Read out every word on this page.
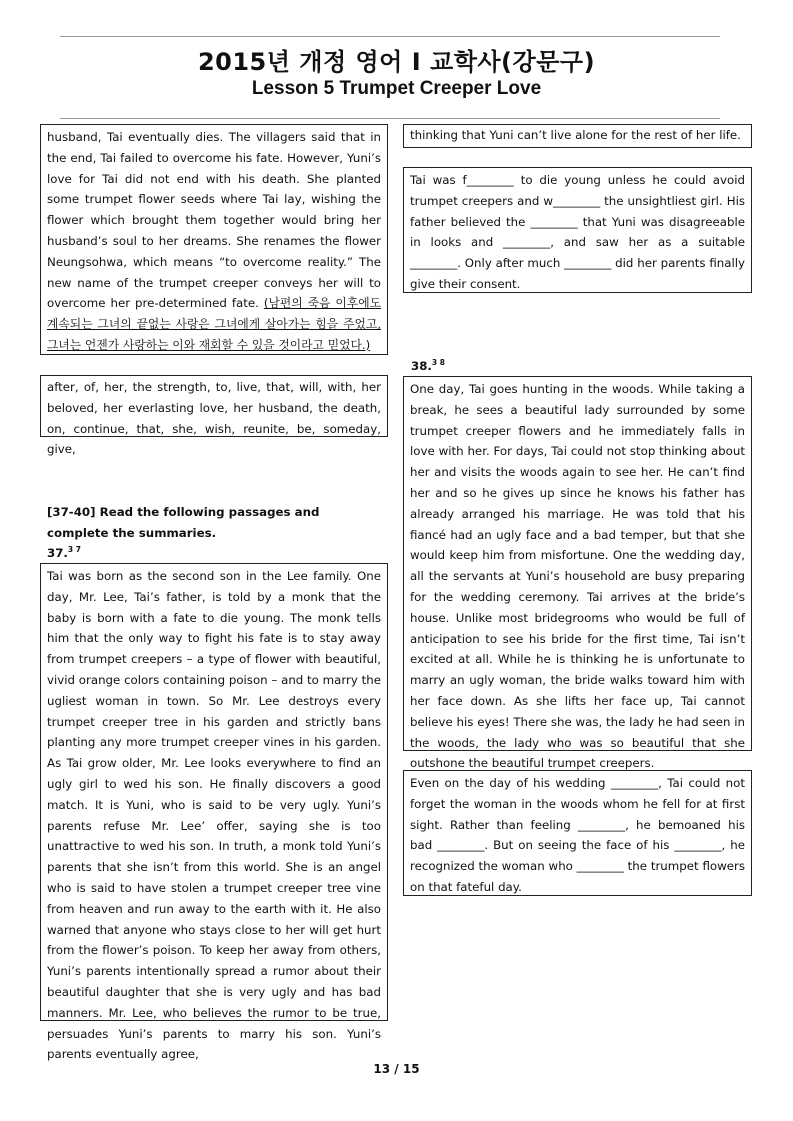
2015년 개정 영어 I 교학사(강문구)
Lesson 5 Trumpet Creeper Love

husband, Tai eventually dies. The villagers said that in the end, Tai failed to overcome his fate. However, Yuni’s love for Tai did not end with his death. She planted some trumpet flower seeds where Tai lay, wishing the flower which brought them together would bring her husband’s soul to her dreams. She renames the flower Neungsohwa, which means “to overcome reality.” The new name of the trumpet creeper conveys her will to overcome her pre-determined fate. (남편의 죽음 이후에도 계속되는 그녀의 끝없는 사랑은 그녀에게 살아가는 힘을 주었고, 그녀는 언젠가 사랑하는 이와 재회할 수 있을 것이라고 믿었다.)

after, of, her, the strength, to, live, that, will, with, her beloved, her everlasting love, her husband, the death, on, continue, that, she, wish, reunite, be, someday, give,

[37-40] Read the following passages and complete the summaries.
37.$^{3 7}$

Tai was born as the second son in the Lee family. One day, Mr. Lee, Tai’s father, is told by a monk that the baby is born with a fate to die young. The monk tells him that the only way to fight his fate is to stay away from trumpet creepers – a type of flower with beautiful, vivid orange colors containing poison – and to marry the ugliest woman in town. So Mr. Lee destroys every trumpet creeper tree in his garden and strictly bans planting any more trumpet creeper vines in his garden. As Tai grow older, Mr. Lee looks everywhere to find an ugly girl to wed his son. He finally discovers a good match. It is Yuni, who is said to be very ugly. Yuni’s parents refuse Mr. Lee’ offer, saying she is too unattractive to wed his son. In truth, a monk told Yuni’s parents that she isn’t from this world. She is an angel who is said to have stolen a trumpet creeper tree vine from heaven and run away to the earth with it. He also warned that anyone who stays close to her will get hurt from the flower’s poison. To keep her away from others, Yuni’s parents intentionally spread a rumor about their beautiful daughter that she is very ugly and has bad manners. Mr. Lee, who believes the rumor to be true, persuades Yuni’s parents to marry his son. Yuni’s parents eventually agree,

thinking that Yuni can’t live alone for the rest of her life.

Tai was f________ to die young unless he could avoid trumpet creepers and w________ the unsightliest girl. His father believed the ________ that Yuni was disagreeable in looks and ________, and saw her as a suitable ________. Only after much ________ did her parents finally give their consent.

38.$^{3 8}$

One day, Tai goes hunting in the woods. While taking a break, he sees a beautiful lady surrounded by some trumpet creeper flowers and he immediately falls in love with her. For days, Tai could not stop thinking about her and visits the woods again to see her. He can’t find her and so he gives up since he knows his father has already arranged his marriage. He was told that his fiancé had an ugly face and a bad temper, but that she would keep him from misfortune. One the wedding day, all the servants at Yuni’s household are busy preparing for the wedding ceremony. Tai arrives at the bride’s house. Unlike most bridegrooms who would be full of anticipation to see his bride for the first time, Tai isn’t excited at all. While he is thinking he is unfortunate to marry an ugly woman, the bride walks toward him with her face down. As she lifts her face up, Tai cannot believe his eyes! There she was, the lady he had seen in the woods, the lady who was so beautiful that she outshone the beautiful trumpet creepers.

Even on the day of his wedding ________, Tai could not forget the woman in the woods whom he fell for at first sight. Rather than feeling ________, he bemoaned his bad ________. But on seeing the face of his ________, he recognized the woman who ________ the trumpet flowers on that fateful day.

13 / 15
